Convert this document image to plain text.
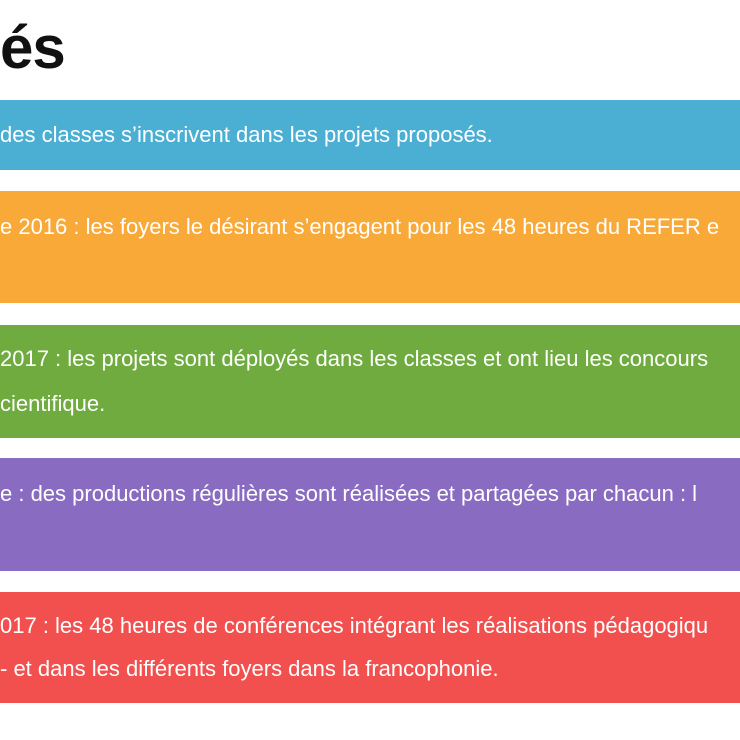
és
des classes s’inscrivent dans les projets proposés.
e 2016 : les foyers le désirant s’engagent pour les 48 heures du REFER e
2017 : les projets sont déployés dans les classes et ont lieu les concours
cientifique.
e : des productions régulières sont réalisées et partagées par chacun : l
017 : les 48 heures de conférences intégrant les réalisations pédagogiqu
- et dans les différents foyers dans la francophonie.
